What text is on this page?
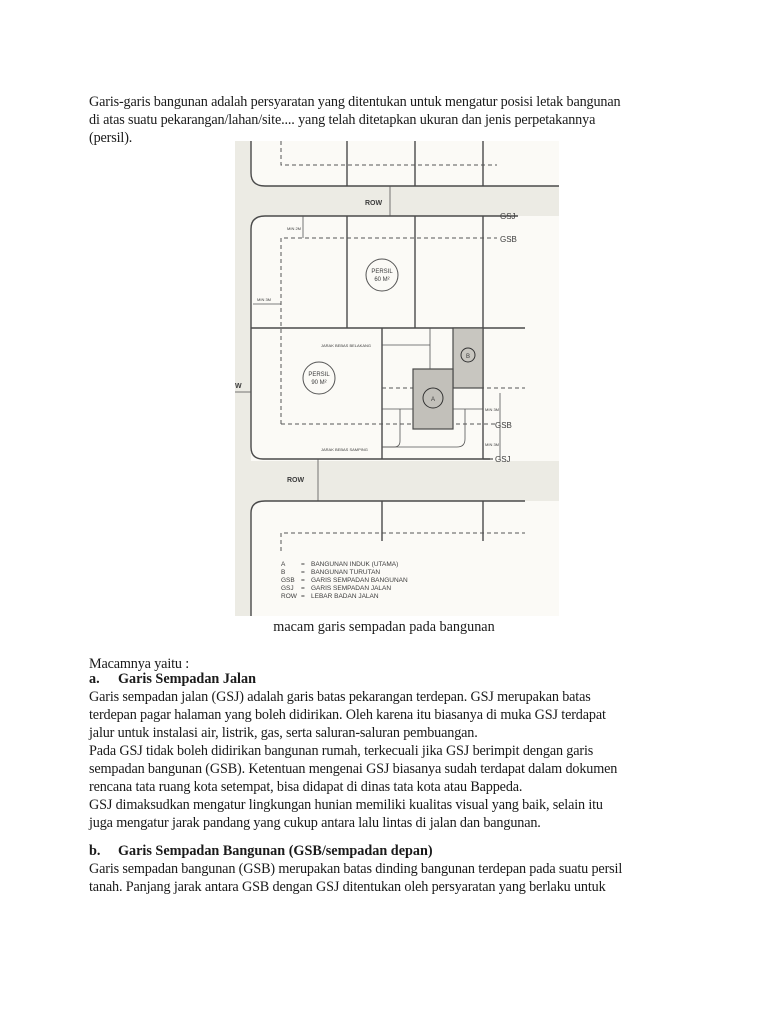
Garis-garis bangunan adalah persyaratan yang ditentukan untuk mengatur posisi letak bangunan
di atas suatu pekarangan/lahan/site.... yang telah ditetapkan ukuran dan jenis perpetakannya
(persil).
GSJ
GSB
GSB
GSJ
ROW
ROW
W
MIN 2M
MIN 3M
MIN 3M
MIN 3M
PERSIL
60 M²
PERSIL
90 M²
B
A
JARAK BEBAS BELAKANG
JARAK BEBAS SAMPING
A = BANGUNAN INDUK (UTAMA)
B = BANGUNAN TURUTAN
GSB = GARIS SEMPADAN BANGUNAN
GSJ = GARIS SEMPADAN JALAN
ROW = LEBAR BADAN JALAN
macam garis sempadan pada bangunan
Macamnya yaitu :
a. Garis Sempadan Jalan
Garis sempadan jalan (GSJ) adalah garis batas pekarangan terdepan. GSJ merupakan batas
terdepan pagar halaman yang boleh didirikan. Oleh karena itu biasanya di muka GSJ terdapat
jalur untuk instalasi air, listrik, gas, serta saluran-saluran pembuangan.
Pada GSJ tidak boleh didirikan bangunan rumah, terkecuali jika GSJ berimpit dengan garis
sempadan bangunan (GSB). Ketentuan mengenai GSJ biasanya sudah terdapat dalam dokumen
rencana tata ruang kota setempat, bisa didapat di dinas tata kota atau Bappeda.
GSJ dimaksudkan mengatur lingkungan hunian memiliki kualitas visual yang baik, selain itu
juga mengatur jarak pandang yang cukup antara lalu lintas di jalan dan bangunan.
b. Garis Sempadan Bangunan (GSB/sempadan depan)
Garis sempadan bangunan (GSB) merupakan batas dinding bangunan terdepan pada suatu persil
tanah. Panjang jarak antara GSB dengan GSJ ditentukan oleh persyaratan yang berlaku untuk
